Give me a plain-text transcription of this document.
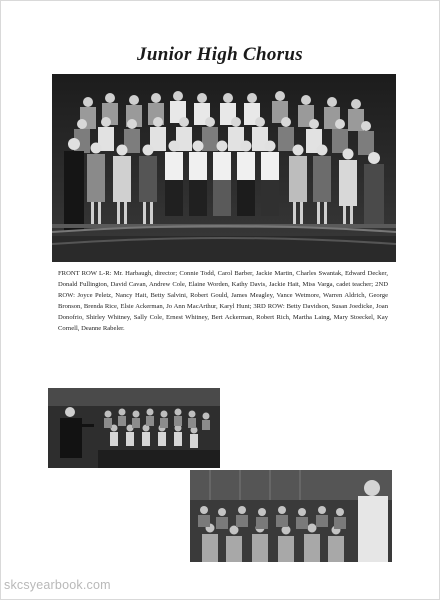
Junior High Chorus
FRONT ROW L-R: Mr. Harbaugh, director; Connie Todd, Carol Barber, Jackie Martin, Charles Swantak, Edward Decker, Donald Fullington, David Cavan, Andrew Cole, Elaine Worden, Kathy Davis, Jackie Hait, Miss Varga, cadet teacher; 2ND ROW: Joyce Peletz, Nancy Hait, Betty Salvini, Robert Gould, James Meagley, Vance Wetmore, Warren Aldrich, George Bronson, Brenda Rice, Elsie Ackerman, Jo Ann MacArthur, Karyl Hunt; 3RD ROW: Betty Davidson, Susan Joedicke, Joan Donofrio, Shirley Whitney, Sally Cole, Ernest Whitney, Bert Ackerman, Robert Rich, Martha Laing, Mary Stoeckel, Kay Cornell, Deanne Rabeler.
skcsyearbook.com
